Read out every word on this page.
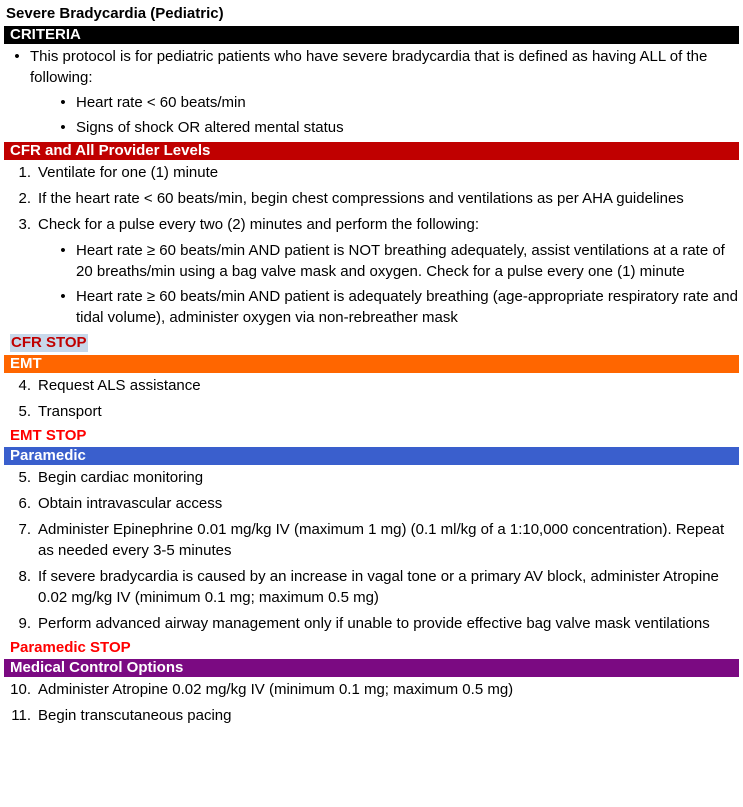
Severe Bradycardia (Pediatric)
CRITERIA
• This protocol is for pediatric patients who have severe bradycardia that is defined as having ALL of the following:
• Heart rate < 60 beats/min
• Signs of shock OR altered mental status
CFR and All Provider Levels
1. Ventilate for one (1) minute
2. If the heart rate < 60 beats/min, begin chest compressions and ventilations as per AHA guidelines
3. Check for a pulse every two (2) minutes and perform the following:
• Heart rate ≥ 60 beats/min AND patient is NOT breathing adequately, assist ventilations at a rate of 20 breaths/min using a bag valve mask and oxygen. Check for a pulse every one (1) minute
• Heart rate ≥ 60 beats/min AND patient is adequately breathing (age-appropriate respiratory rate and tidal volume), administer oxygen via non-rebreather mask
CFR STOP
EMT
4. Request ALS assistance
5. Transport
EMT STOP
Paramedic
5. Begin cardiac monitoring
6. Obtain intravascular access
7. Administer Epinephrine 0.01 mg/kg IV (maximum 1 mg) (0.1 ml/kg of a 1:10,000 concentration). Repeat as needed every 3-5 minutes
8. If severe bradycardia is caused by an increase in vagal tone or a primary AV block, administer Atropine 0.02 mg/kg IV (minimum 0.1 mg; maximum 0.5 mg)
9. Perform advanced airway management only if unable to provide effective bag valve mask ventilations
Paramedic STOP
Medical Control Options
10. Administer Atropine 0.02 mg/kg IV (minimum 0.1 mg; maximum 0.5 mg)
11. Begin transcutaneous pacing
